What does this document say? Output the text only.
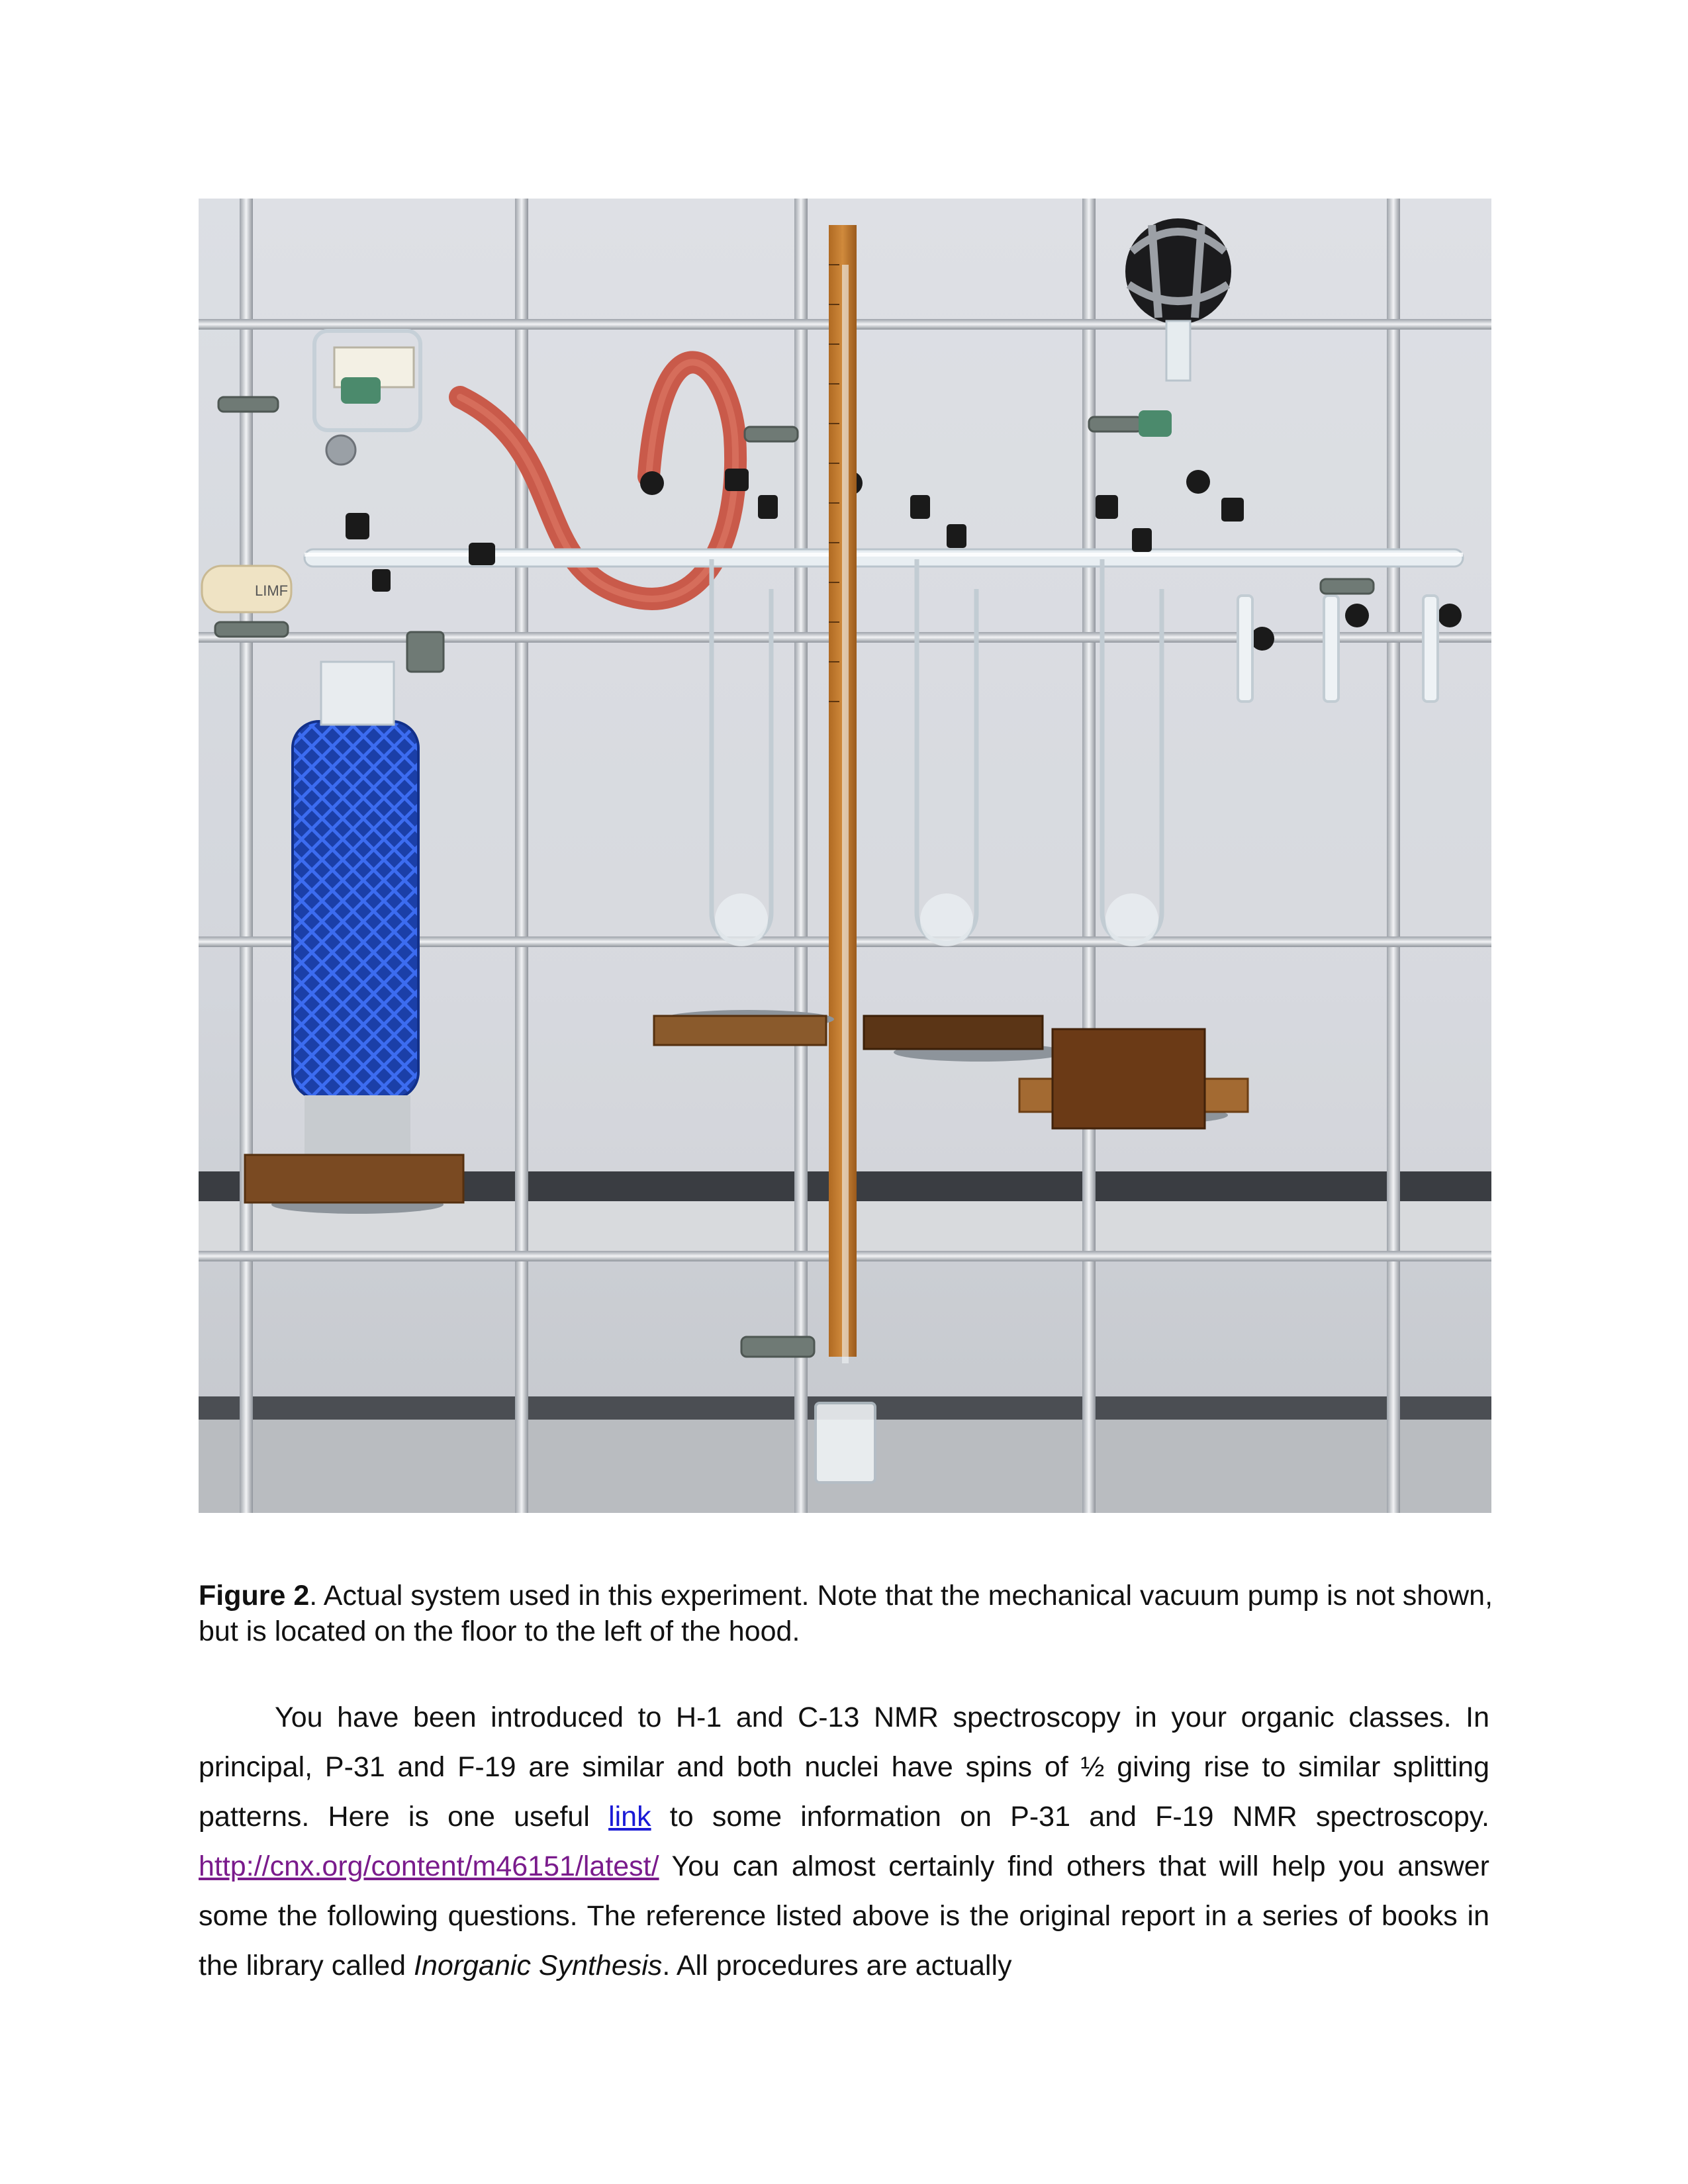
LIMF
Figure 2. Actual system used in this experiment. Note that the mechanical vacuum pump is not shown, but is located on the floor to the left of the hood.
You have been introduced to H-1 and C-13 NMR spectroscopy in your organic classes. In principal, P-31 and F-19 are similar and both nuclei have spins of ½ giving rise to similar splitting patterns. Here is one useful link to some information on P-31 and F-19 NMR spectroscopy. http://cnx.org/content/m46151/latest/ You can almost certainly find others that will help you answer some the following questions. The reference listed above is the original report in a series of books in the library called Inorganic Synthesis. All procedures are actually
